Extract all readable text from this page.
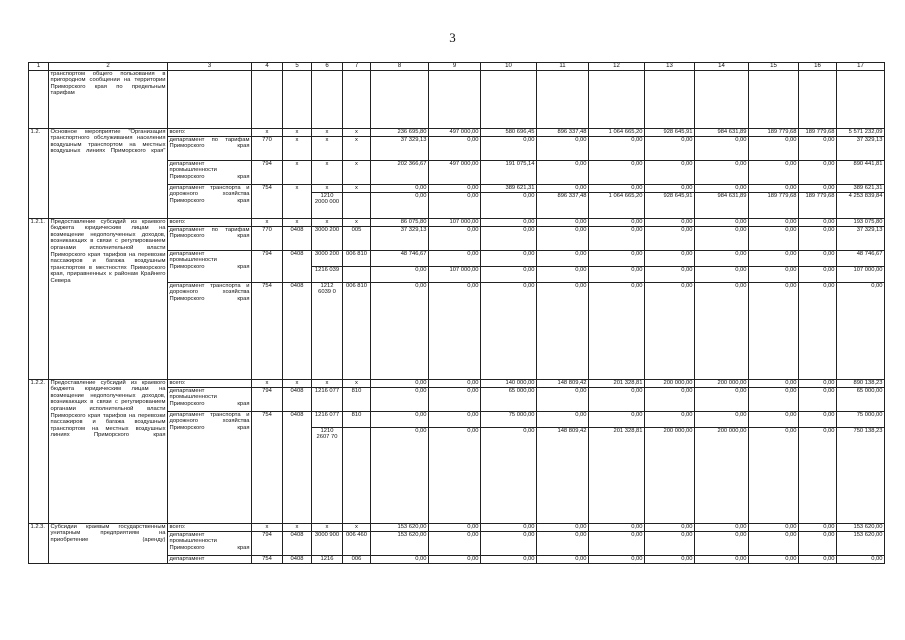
3
1	2	3	4	5	6	7	8	9	10	11	12	13	14	15	16	17
	транспортом общего пользования в пригородном сообщении на территории Приморского края по предельным тарифам															
1.2.	Основное мероприятие "Организация транспортного обслуживания населения воздушным транспортом на местных воздушных линиях Приморского края"	всего:	x	x	x	x	236 695,80	497 000,00	580 696,45	896 337,48	1 064 665,20	928 645,91	984 631,89	189 779,68	189 779,68	5 571 232,09
		департамент по тарифам Приморского края	770	x	x	x	37 329,13	0,00	0,00	0,00	0,00	0,00	0,00	0,00	0,00	37 329,13
		департамент промышленности Приморского края	794	x	x	x	202 366,67	497 000,00	191 075,14	0,00	0,00	0,00	0,00	0,00	0,00	890 441,81
		департамент транспорта и дорожного хозяйства Приморского края	754	x	x	x	0,00	0,00	389 621,31	0,00	0,00	0,00	0,00	0,00	0,00	389 621,31
					1210 2000 000		0,00	0,00	0,00	896 337,48	1 064 665,20	928 645,91	984 631,89	189 779,68	189 779,68	4 253 839,84
1.2.1.	Предоставление субсидий из краевого бюджета юридическим лицам на возмещение недополученных доходов, возникающих в связи с регулированием органами исполнительной власти Приморского края тарифов на перевозки пассажиров и багажа воздушным транспортом в местностях Приморского края, приравненных к районам Крайнего Севера	всего:	x	x	x	x	86 075,80	107 000,00	0,00	0,00	0,00	0,00	0,00	0,00	0,00	193 075,80
		департамент по тарифам Приморского края	770	0408	3000 200	005	37 329,13	0,00	0,00	0,00	0,00	0,00	0,00	0,00	0,00	37 329,13
		департамент промышленности Приморского края	794	0408	3000 200	006 810	48 746,67	0,00	0,00	0,00	0,00	0,00	0,00	0,00	0,00	48 746,67
					1216 039		0,00	107 000,00	0,00	0,00	0,00	0,00	0,00	0,00	0,00	107 000,00
		департамент транспорта и дорожного хозяйства Приморского края	754	0408	1212 6039 0	006 810	0,00	0,00	0,00	0,00	0,00	0,00	0,00	0,00	0,00	0,00
1.2.2.	Предоставление субсидий из краевого бюджета юридическим лицам на возмещение недополученных доходов, возникающих в связи с регулированием органами исполнительной власти Приморского края тарифов на перевозки пассажиров и багажа воздушным транспортом на местных воздушных линиях Приморского края	всего:	x	x	x	x	0,00	0,00	140 000,00	148 809,42	201 328,81	200 000,00	200 000,00	0,00	0,00	890 138,23
		департамент промышленности Приморского края	794	0408	1216 077	810	0,00	0,00	65 000,00	0,00	0,00	0,00	0,00	0,00	0,00	65 000,00
		департамент транспорта и дорожного хозяйства Приморского края	754	0408	1216 077	810	0,00	0,00	75 000,00	0,00	0,00	0,00	0,00	0,00	0,00	75 000,00
					1210 2607 70		0,00	0,00	0,00	148 809,42	201 328,81	200 000,00	200 000,00	0,00	0,00	750 138,23
1.2.3.	Субсидии краевым государственным унитарным предприятиям на приобретение (аренду)	всего:	x	x	x	x	153 620,00	0,00	0,00	0,00	0,00	0,00	0,00	0,00	0,00	153 620,00
		департамент промышленности Приморского края	794	0408	3000 900	006 460	153 620,00	0,00	0,00	0,00	0,00	0,00	0,00	0,00	0,00	153 620,00
		департамент	754	0408	1216	006	0,00	0,00	0,00	0,00	0,00	0,00	0,00	0,00	0,00	0,00
